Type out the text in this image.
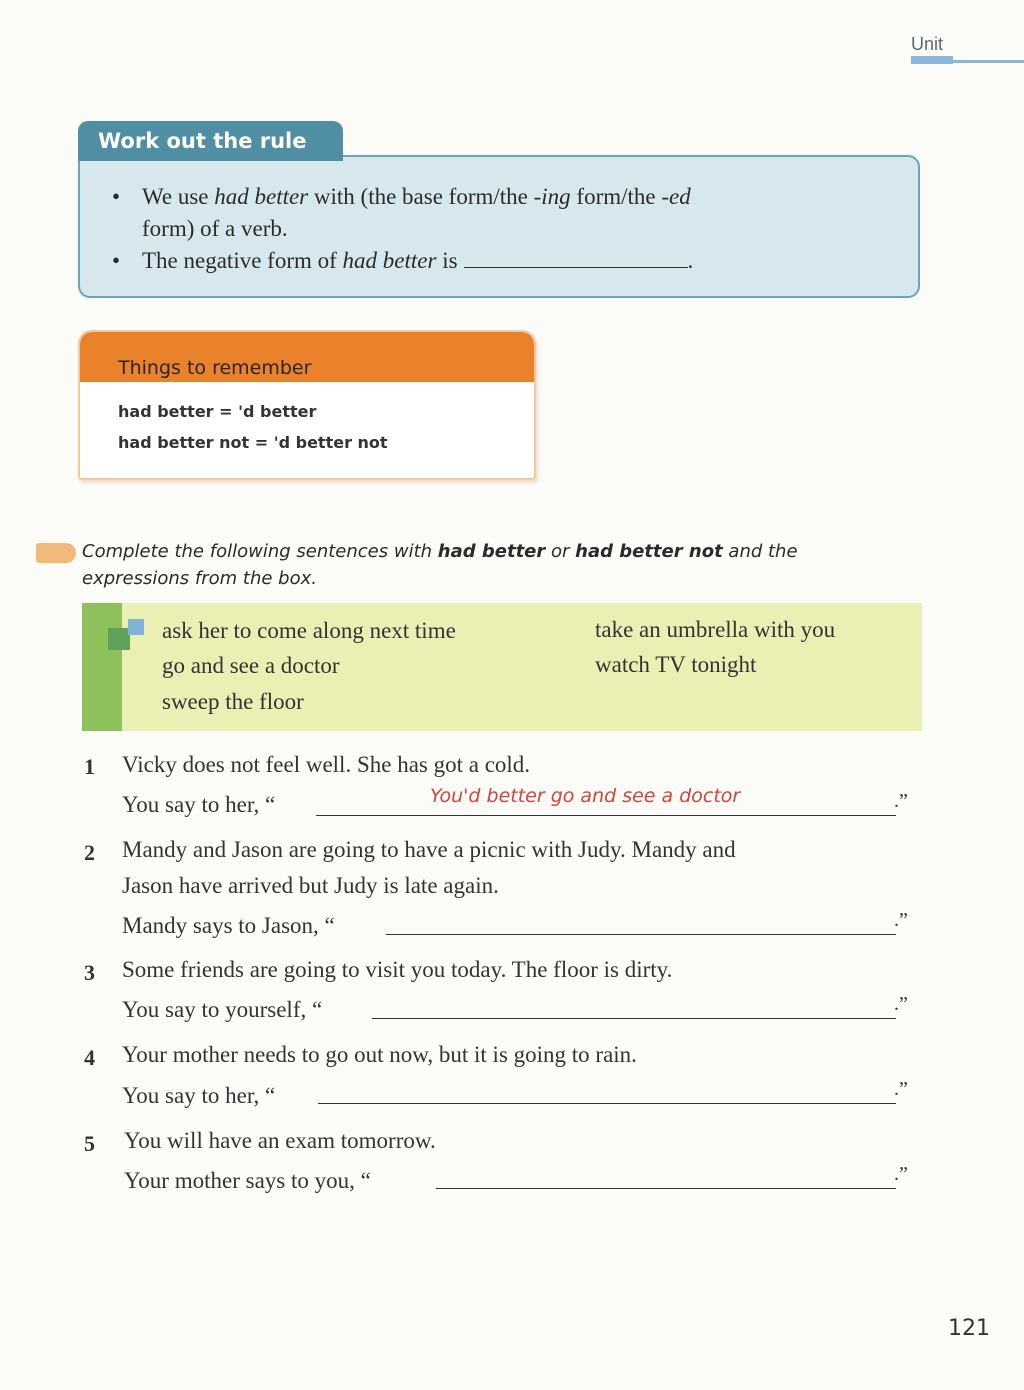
Unit
• We use had better with (the base form/the -ing form/the -ed
form) of a verb.
• The negative form of had better is	.
Work out the rule
Things to remember
had better = 'd better
had better not = 'd better not
Complete the following sentences with had better or had better not and the
expressions from the box.
ask her to come along next time
go and see a doctor
sweep the floor
take an umbrella with you
watch TV tonight
1 Vicky does not feel well. She has got a cold.
You say to her, “	You'd better go and see a doctor	.”
2 Mandy and Jason are going to have a picnic with Judy. Mandy and
Jason have arrived but Judy is late again.
Mandy says to Jason, “	.”
3 Some friends are going to visit you today. The floor is dirty.
You say to yourself, “	.”
4 Your mother needs to go out now, but it is going to rain.
You say to her, “	.”
5 You will have an exam tomorrow.
Your mother says to you, “	.”
121
